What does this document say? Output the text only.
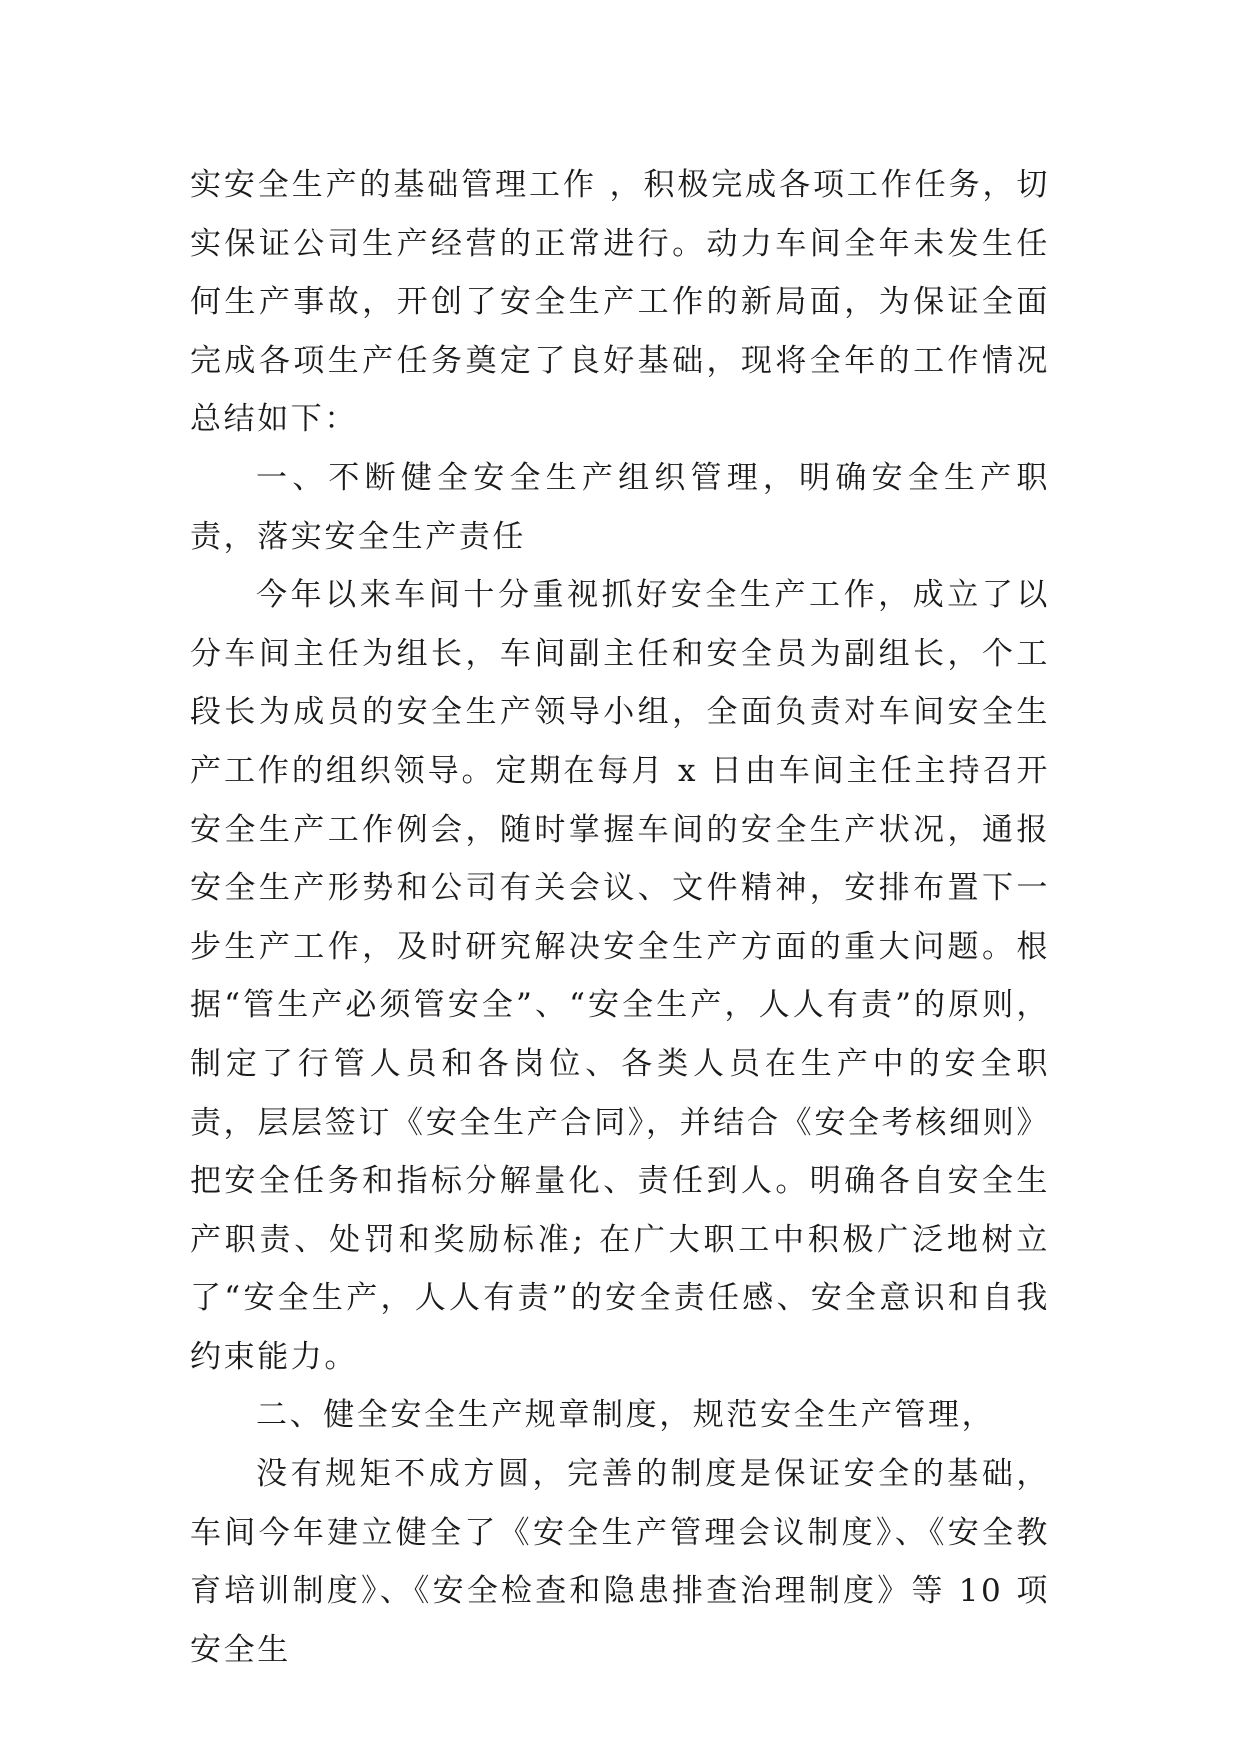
实安全生产的基础管理工作 ，积极完成各项工作任务，切实保证公司生产经营的正常进行。动力车间全年未发生任何生产事故，开创了安全生产工作的新局面，为保证全面完成各项生产任务奠定了良好基础，现将全年的工作情况总结如下：

一、不断健全安全生产组织管理，明确安全生产职责，落实安全生产责任

今年以来车间十分重视抓好安全生产工作，成立了以分车间主任为组长，车间副主任和安全员为副组长，个工段长为成员的安全生产领导小组，全面负责对车间安全生产工作的组织领导。定期在每月 x 日由车间主任主持召开安全生产工作例会，随时掌握车间的安全生产状况，通报安全生产形势和公司有关会议、文件精神，安排布置下一步生产工作，及时研究解决安全生产方面的重大问题。根据“管生产必须管安全”、“安全生产，人人有责”的原则，制定了行管人员和各岗位、各类人员在生产中的安全职责，层层签订《安全生产合同》，并结合《安全考核细则》把安全任务和指标分解量化、责任到人。明确各自安全生产职责、处罚和奖励标准; 在广大职工中积极广泛地树立了“安全生产，人人有责”的安全责任感、安全意识和自我约束能力。

二、健全安全生产规章制度，规范安全生产管理，

没有规矩不成方圆，完善的制度是保证安全的基础，车间今年建立健全了《安全生产管理会议制度》、《安全教育培训制度》、《安全检查和隐患排查治理制度》等 10 项安全生
